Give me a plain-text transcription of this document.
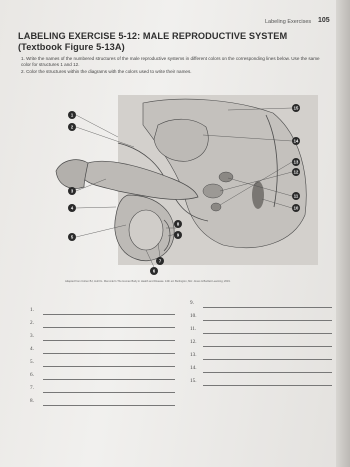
Labeling Exercises 105
LABELING EXERCISE 5-12: MALE REPRODUCTIVE SYSTEM
(Textbook Figure 5-13A)
1. Write the names of the numbered structures of the male reproductive systems in different colors on the corresponding lines below. Use the same color for structures 1 and 12.
2. Color the structures within the diagrams with the colors used to write their names.
1
2
3
4
5
6
7
8
9
10
11
12
13
14
15
Adapted from Cohen BJ, Hull KL. Memmler's The Human Body in Health and Disease. 14th ed. Burlington, MA: Jones & Bartlett Learning; 2019.
1.
2.
3.
4.
5.
6.
7.
8.
9.
10.
11.
12.
13.
14.
15.
